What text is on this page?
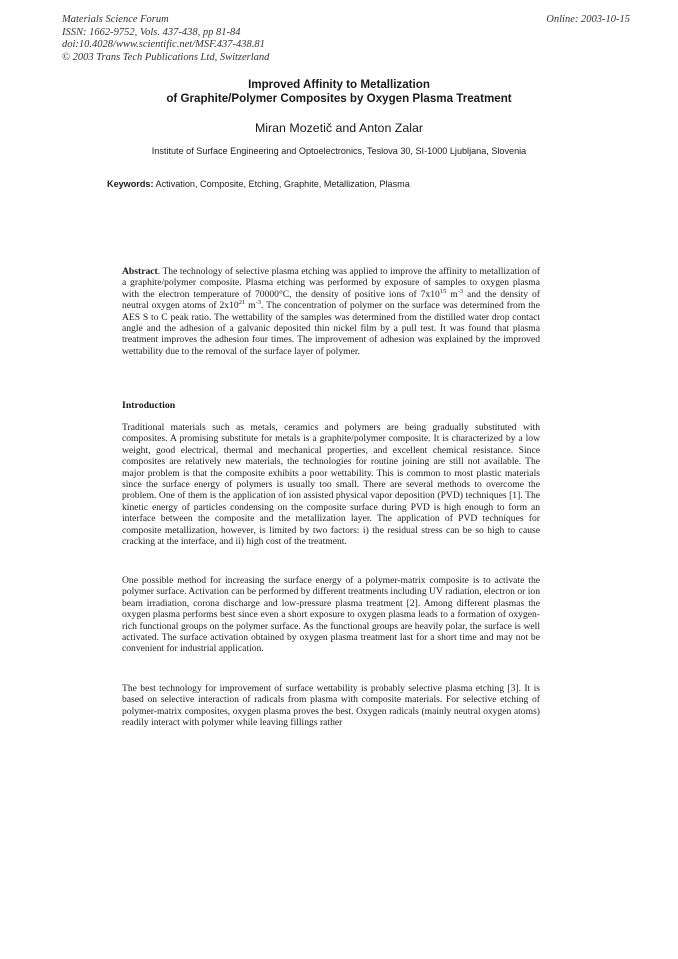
Materials Science Forum
ISSN: 1662-9752, Vols. 437-438, pp 81-84
doi:10.4028/www.scientific.net/MSF.437-438.81
© 2003 Trans Tech Publications Ltd, Switzerland
Online: 2003-10-15
Improved Affinity to Metallization
of Graphite/Polymer Composites by Oxygen Plasma Treatment
Miran Mozetič and Anton Zalar
Institute of Surface Engineering and Optoelectronics, Teslova 30, SI-1000 Ljubljana, Slovenia
Keywords: Activation, Composite, Etching, Graphite, Metallization, Plasma
Abstract. The technology of selective plasma etching was applied to improve the affinity to metallization of a graphite/polymer composite. Plasma etching was performed by exposure of samples to oxygen plasma with the electron temperature of 70000°C, the density of positive ions of $7x10^{15}$ $m^{-3}$ and the density of neutral oxygen atoms of $2x10^{21}$ $m^{-3}$. The concentration of polymer on the surface was determined from the AES S to C peak ratio. The wettability of the samples was determined from the distilled water drop contact angle and the adhesion of a galvanic deposited thin nickel film by a pull test. It was found that plasma treatment improves the adhesion four times. The improvement of adhesion was explained by the improved wettability due to the removal of the surface layer of polymer.
Introduction
Traditional materials such as metals, ceramics and polymers are being gradually substituted with composites. A promising substitute for metals is a graphite/polymer composite. It is characterized by a low weight, good electrical, thermal and mechanical properties, and excellent chemical resistance. Since composites are relatively new materials, the technologies for routine joining are still not available. The major problem is that the composite exhibits a poor wettability. This is common to most plastic materials since the surface energy of polymers is usually too small. There are several methods to overcome the problem. One of them is the application of ion assisted physical vapor deposition (PVD) techniques [1]. The kinetic energy of particles condensing on the composite surface during PVD is high enough to form an interface between the composite and the metallization layer. The application of PVD techniques for composite metallization, however, is limited by two factors: i) the residual stress can be so high to cause cracking at the interface, and ii) high cost of the treatment.
One possible method for increasing the surface energy of a polymer-matrix composite is to activate the polymer surface. Activation can be performed by different treatments including UV radiation, electron or ion beam irradiation, corona discharge and low-pressure plasma treatment [2]. Among different plasmas the oxygen plasma performs best since even a short exposure to oxygen plasma leads to a formation of oxygen-rich functional groups on the polymer surface. As the functional groups are heavily polar, the surface is well activated. The surface activation obtained by oxygen plasma treatment last for a short time and may not be convenient for industrial application.
The best technology for improvement of surface wettability is probably selective plasma etching [3]. It is based on selective interaction of radicals from plasma with composite materials. For selective etching of polymer-matrix composites, oxygen plasma proves the best. Oxygen radicals (mainly neutral oxygen atoms) readily interact with polymer while leaving fillings rather
